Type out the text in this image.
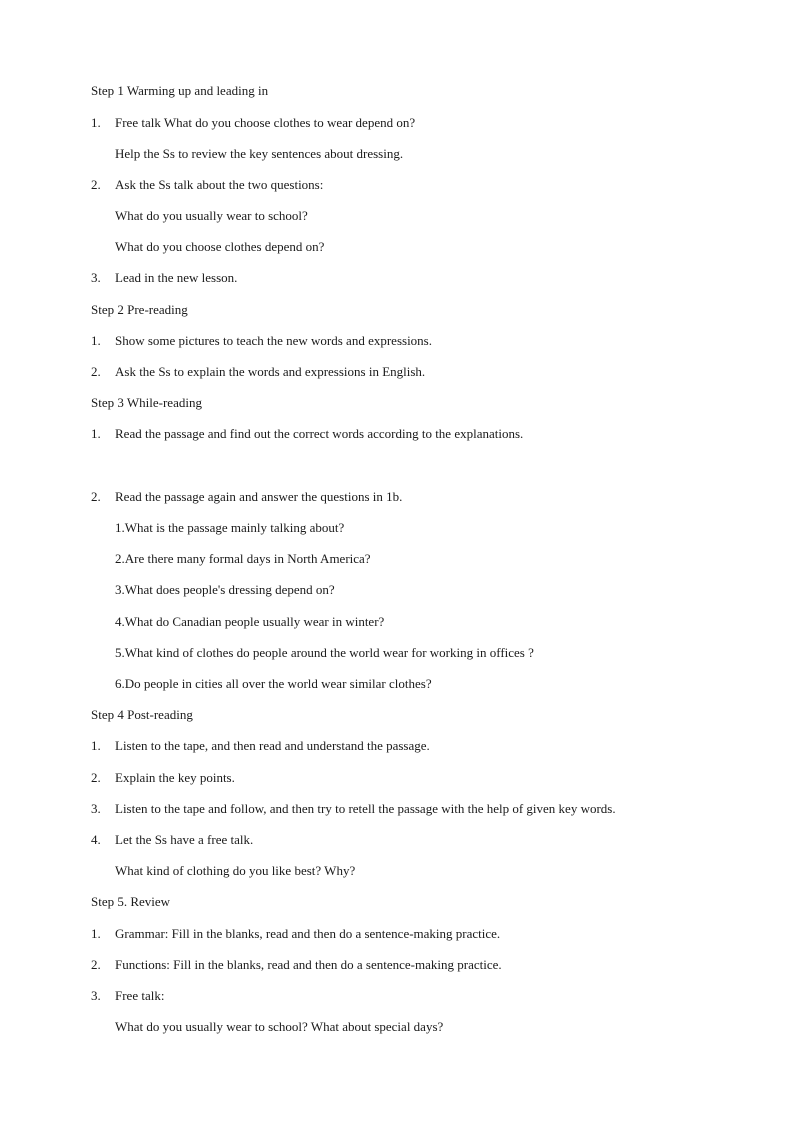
Step 1 Warming up and leading in
1. Free talk What do you choose clothes to wear depend on?
Help the Ss to review the key sentences about dressing.
2. Ask the Ss talk about the two questions:
What do you usually wear to school?
What do you choose clothes depend on?
3. Lead in the new lesson.
Step 2 Pre-reading
1. Show some pictures to teach the new words and expressions.
2. Ask the Ss to explain the words and expressions in English.
Step 3 While-reading
1. Read the passage and find out the correct words according to the explanations.
2. Read the passage again and answer the questions in 1b.
1.What is the passage mainly talking about?
2.Are there many formal days in North America?
3.What does people's dressing depend on?
4.What do Canadian people usually wear in winter?
5.What kind of clothes do people around the world wear for working in offices ?
6.Do people in cities all over the world wear similar clothes?
Step 4 Post-reading
1. Listen to the tape, and then read and understand the passage.
2. Explain the key points.
3. Listen to the tape and follow, and then try to retell the passage with the help of given key words.
4. Let the Ss have a free talk.
What kind of clothing do you like best? Why?
Step 5. Review
1. Grammar: Fill in the blanks, read and then do a sentence-making practice.
2. Functions: Fill in the blanks, read and then do a sentence-making practice.
3. Free talk:
What do you usually wear to school? What about special days?
